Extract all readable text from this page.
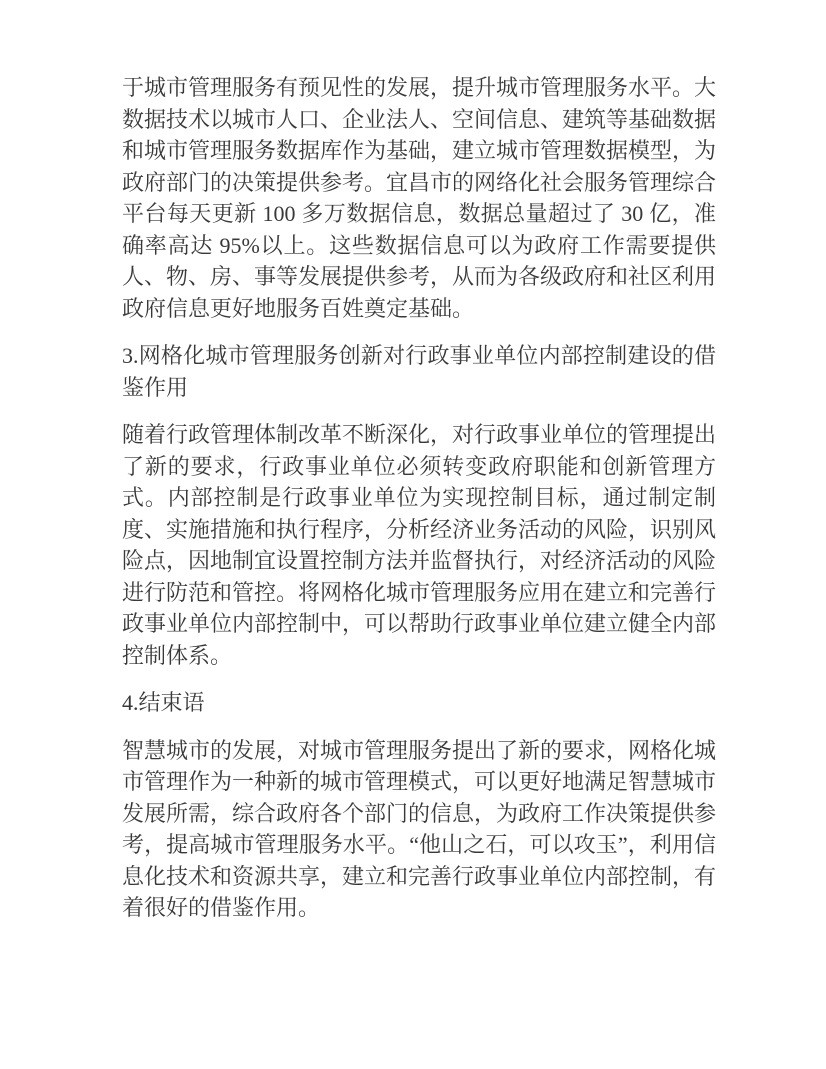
于城市管理服务有预见性的发展，提升城市管理服务水平。大数据技术以城市人口、企业法人、空间信息、建筑等基础数据和城市管理服务数据库作为基础，建立城市管理数据模型，为政府部门的决策提供参考。宜昌市的网络化社会服务管理综合平台每天更新 100 多万数据信息，数据总量超过了 30 亿，准确率高达 95%以上。这些数据信息可以为政府工作需要提供人、物、房、事等发展提供参考，从而为各级政府和社区利用政府信息更好地服务百姓奠定基础。

3.网格化城市管理服务创新对行政事业单位内部控制建设的借鉴作用

随着行政管理体制改革不断深化，对行政事业单位的管理提出了新的要求，行政事业单位必须转变政府职能和创新管理方式。内部控制是行政事业单位为实现控制目标，通过制定制度、实施措施和执行程序，分析经济业务活动的风险，识别风险点，因地制宜设置控制方法并监督执行，对经济活动的风险进行防范和管控。将网格化城市管理服务应用在建立和完善行政事业单位内部控制中，可以帮助行政事业单位建立健全内部控制体系。

4.结束语

智慧城市的发展，对城市管理服务提出了新的要求，网格化城市管理作为一种新的城市管理模式，可以更好地满足智慧城市发展所需，综合政府各个部门的信息，为政府工作决策提供参考，提高城市管理服务水平。“他山之石，可以攻玉”，利用信息化技术和资源共享，建立和完善行政事业单位内部控制，有着很好的借鉴作用。
